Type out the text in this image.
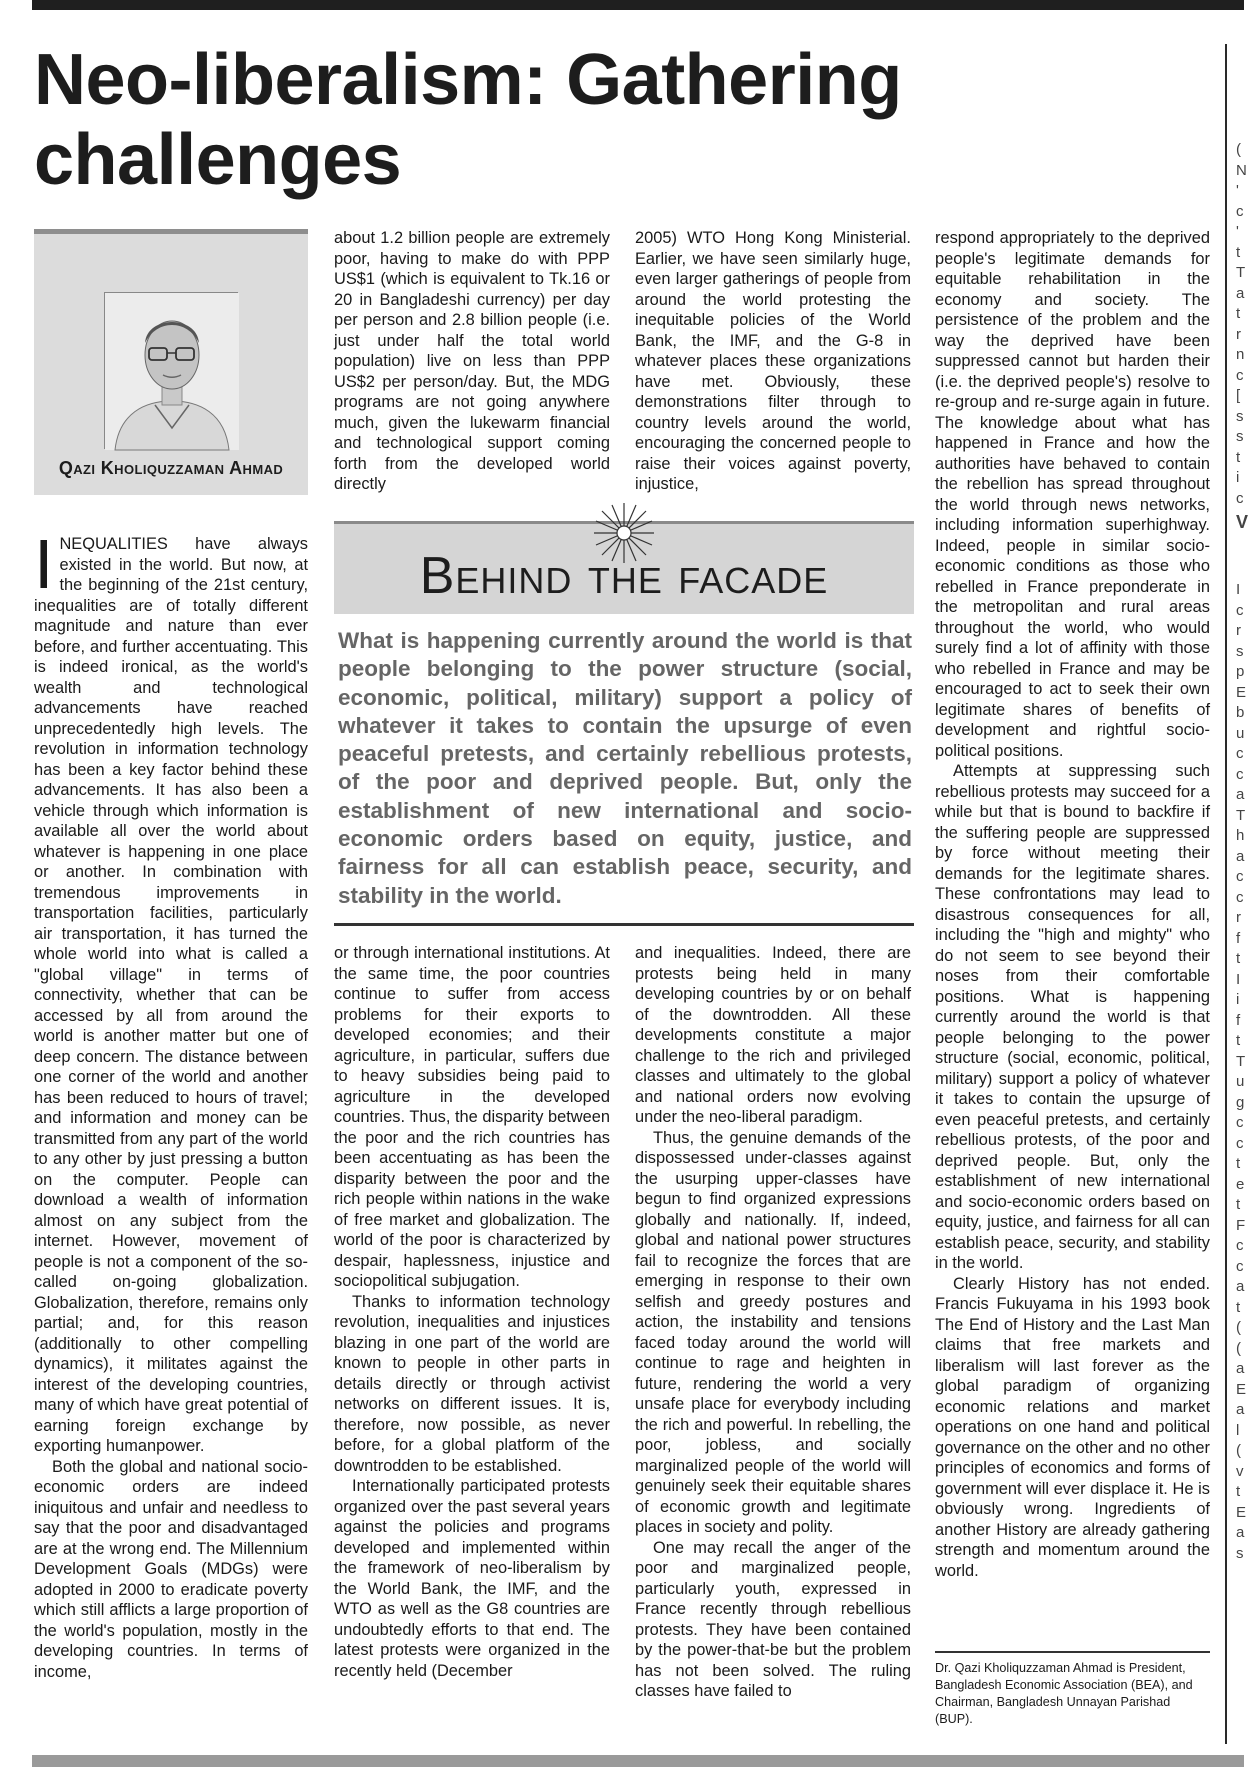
Neo-liberalism: Gathering challenges
Qazi Kholiquzzaman Ahmad

INEQUALITIES have always existed in the world. But now, at the beginning of the 21st century, inequalities are of totally different magnitude and nature than ever before, and further accentuating. This is indeed ironical, as the world's wealth and technological advancements have reached unprecedentedly high levels. The revolution in information technology has been a key factor behind these advancements. It has also been a vehicle through which information is available all over the world about whatever is happening in one place or another. In combination with tremendous improvements in transportation facilities, particularly air transportation, it has turned the whole world into what is called a "global village" in terms of connectivity, whether that can be accessed by all from around the world is another matter but one of deep concern. The distance between one corner of the world and another has been reduced to hours of travel; and information and money can be transmitted from any part of the world to any other by just pressing a button on the computer. People can download a wealth of information almost on any subject from the internet. However, movement of people is not a component of the so-called on-going globalization. Globalization, therefore, remains only partial; and, for this reason (additionally to other compelling dynamics), it militates against the interest of the developing countries, many of which have great potential of earning foreign exchange by exporting humanpower.

Both the global and national socio-economic orders are indeed iniquitous and unfair and needless to say that the poor and disadvantaged are at the wrong end. The Millennium Development Goals (MDGs) were adopted in 2000 to eradicate poverty which still afflicts a large proportion of the world's population, mostly in the developing countries. In terms of income,

about 1.2 billion people are extremely poor, having to make do with PPP US$1 (which is equivalent to Tk.16 or 20 in Bangladeshi currency) per day per person and 2.8 billion people (i.e. just under half the total world population) live on less than PPP US$2 per person/day. But, the MDG programs are not going anywhere much, given the lukewarm financial and technological support coming forth from the developed world directly

2005) WTO Hong Kong Ministerial. Earlier, we have seen similarly huge, even larger gatherings of people from around the world protesting the inequitable policies of the World Bank, the IMF, and the G-8 in whatever places these organizations have met. Obviously, these demonstrations filter through to country levels around the world, encouraging the concerned people to raise their voices against poverty, injustice,

Behind the facade

What is happening currently around the world is that people belonging to the power structure (social, economic, political, military) support a policy of whatever it takes to contain the upsurge of even peaceful pretests, and certainly rebellious protests, of the poor and deprived people. But, only the establishment of new international and socio-economic orders based on equity, justice, and fairness for all can establish peace, security, and stability in the world.

or through international institutions. At the same time, the poor countries continue to suffer from access problems for their exports to developed economies; and their agriculture, in particular, suffers due to heavy subsidies being paid to agriculture in the developed countries. Thus, the disparity between the poor and the rich countries has been accentuating as has been the disparity between the poor and the rich people within nations in the wake of free market and globalization. The world of the poor is characterized by despair, haplessness, injustice and sociopolitical subjugation.

Thanks to information technology revolution, inequalities and injustices blazing in one part of the world are known to people in other parts in details directly or through activist networks on different issues. It is, therefore, now possible, as never before, for a global platform of the downtrodden to be established.

Internationally participated protests organized over the past several years against the policies and programs developed and implemented within the framework of neo-liberalism by the World Bank, the IMF, and the WTO as well as the G8 countries are undoubtedly efforts to that end. The latest protests were organized in the recently held (December

and inequalities. Indeed, there are protests being held in many developing countries by or on behalf of the downtrodden. All these developments constitute a major challenge to the rich and privileged classes and ultimately to the global and national orders now evolving under the neo-liberal paradigm.

Thus, the genuine demands of the dispossessed under-classes against the usurping upper-classes have begun to find organized expressions globally and nationally. If, indeed, global and national power structures fail to recognize the forces that are emerging in response to their own selfish and greedy postures and action, the instability and tensions faced today around the world will continue to rage and heighten in future, rendering the world a very unsafe place for everybody including the rich and powerful. In rebelling, the poor, jobless, and socially marginalized people of the world will genuinely seek their equitable shares of economic growth and legitimate places in society and polity.

One may recall the anger of the poor and marginalized people, particularly youth, expressed in France recently through rebellious protests. They have been contained by the power-that-be but the problem has not been solved. The ruling classes have failed to

respond appropriately to the deprived people's legitimate demands for equitable rehabilitation in the economy and society. The persistence of the problem and the way the deprived have been suppressed cannot but harden their (i.e. the deprived people's) resolve to re-group and re-surge again in future. The knowledge about what has happened in France and how the authorities have behaved to contain the rebellion has spread throughout the world through news networks, including information superhighway. Indeed, people in similar socio-economic conditions as those who rebelled in France preponderate in the metropolitan and rural areas throughout the world, who would surely find a lot of affinity with those who rebelled in France and may be encouraged to act to seek their own legitimate shares of benefits of development and rightful socio-political positions.

Attempts at suppressing such rebellious protests may succeed for a while but that is bound to backfire if the suffering people are suppressed by force without meeting their demands for the legitimate shares. These confrontations may lead to disastrous consequences for all, including the "high and mighty" who do not seem to see beyond their noses from their comfortable positions. What is happening currently around the world is that people belonging to the power structure (social, economic, political, military) support a policy of whatever it takes to contain the upsurge of even peaceful pretests, and certainly rebellious protests, of the poor and deprived people. But, only the establishment of new international and socio-economic orders based on equity, justice, and fairness for all can establish peace, security, and stability in the world.

Clearly History has not ended. Francis Fukuyama in his 1993 book The End of History and the Last Man claims that free markets and liberalism will last forever as the global paradigm of organizing economic relations and market operations on one hand and political governance on the other and no other principles of economics and forms of government will ever displace it. He is obviously wrong. Ingredients of another History are already gathering strength and momentum around the world.

Dr. Qazi Kholiquzzaman Ahmad is President, Bangladesh Economic Association (BEA), and Chairman, Bangladesh Unnayan Parishad (BUP).

( N ' c ' t T a t r n c [ s s t i c
V
I c r s p E b u c c a T h a c c r f t I i f t T u g c c t e t F c c a t ( ( a E a l ( v t E a s
